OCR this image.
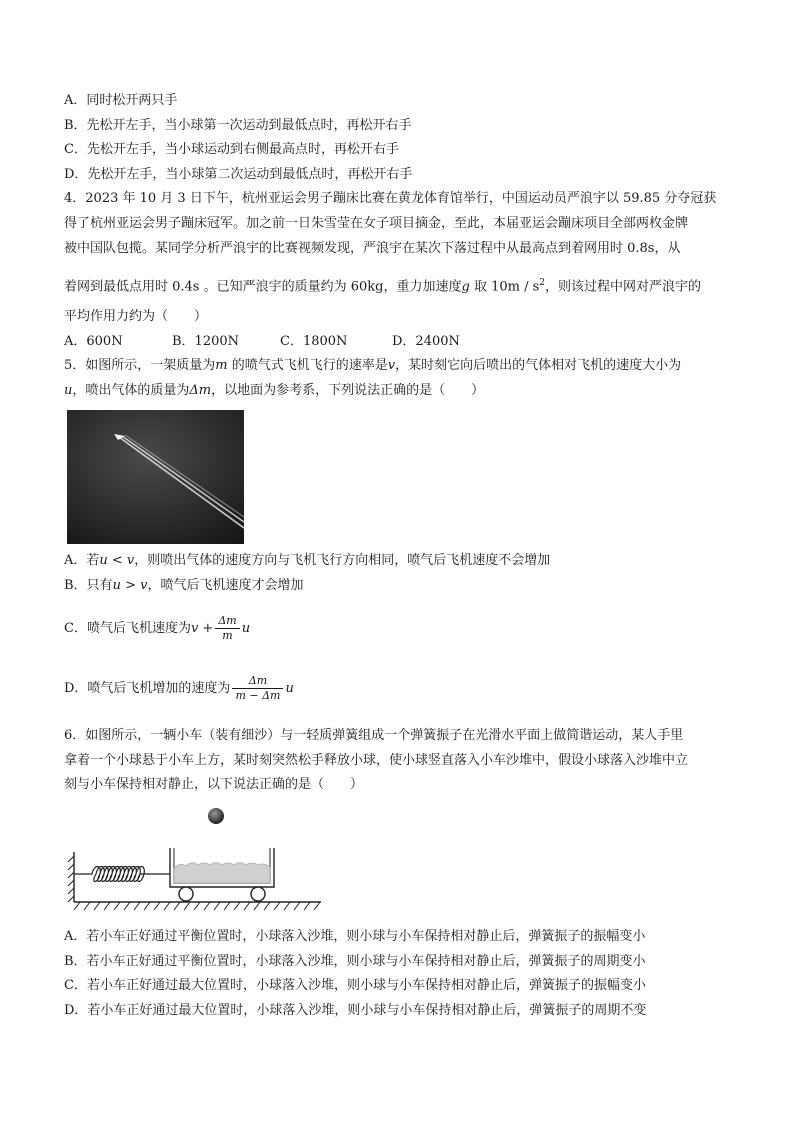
A．同时松开两只手
B．先松开左手，当小球第一次运动到最低点时，再松开右手
C．先松开左手，当小球运动到右侧最高点时，再松开右手
D．先松开左手，当小球第二次运动到最低点时，再松开右手
4．2023 年 10 月 3 日下午，杭州亚运会男子蹦床比赛在黄龙体育馆举行，中国运动员严浪宇以 59.85 分夺冠获
得了杭州亚运会男子蹦床冠军。加之前一日朱雪莹在女子项目摘金，至此，本届亚运会蹦床项目全部两枚金牌
被中国队包揽。某同学分析严浪宇的比赛视频发现，严浪宇在某次下落过程中从最高点到着网用时 0.8s，从
着网到最低点用时 0.4s 。已知严浪宇的质量约为 60kg，重力加速度g 取 $10m / s^2$，则该过程中网对严浪宇的
平均作用力约为（　　）
A．600N	B．1200N	C．1800N	D．2400N
5．如图所示，一架质量为m 的喷气式飞机飞行的速率是v，某时刻它向后喷出的气体相对飞机的速度大小为
u，喷出气体的质量为Δm，以地面为参考系，下列说法正确的是（　　）
A．若u < v，则喷出气体的速度方向与飞机飞行方向相同，喷气后飞机速度不会增加
B．只有u > v，喷气后飞机速度才会增加
C．喷气后飞机速度为$v + \frac{\Delta m}{m}$ u
D．喷气后飞机增加的速度为 $\frac{\Delta m}{m - \Delta m}$ u
6．如图所示，一辆小车（装有细沙）与一轻质弹簧组成一个弹簧振子在光滑水平面上做简谐运动，某人手里
拿着一个小球悬于小车上方，某时刻突然松手释放小球，使小球竖直落入小车沙堆中，假设小球落入沙堆中立
刻与小车保持相对静止，以下说法正确的是（　　）
A．若小车正好通过平衡位置时，小球落入沙堆，则小球与小车保持相对静止后，弹簧振子的振幅变小
B．若小车正好通过平衡位置时，小球落入沙堆，则小球与小车保持相对静止后，弹簧振子的周期变小
C．若小车正好通过最大位置时，小球落入沙堆，则小球与小车保持相对静止后，弹簧振子的振幅变小
D．若小车正好通过最大位置时，小球落入沙堆，则小球与小车保持相对静止后，弹簧振子的周期不变
